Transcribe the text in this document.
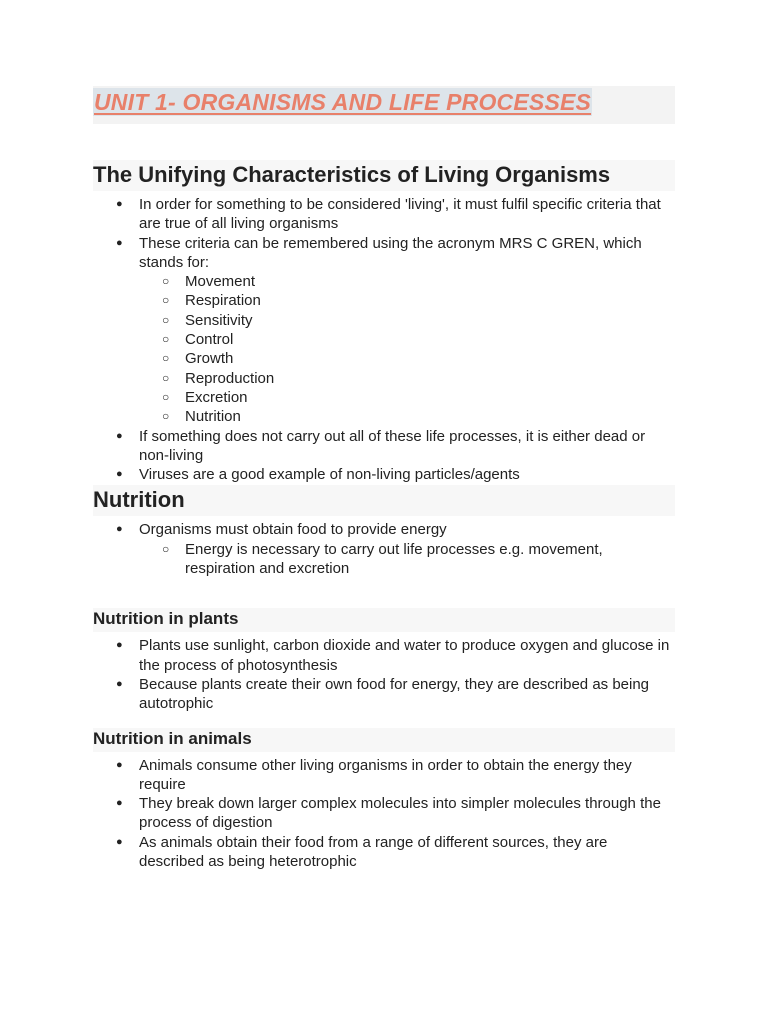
UNIT 1- ORGANISMS AND LIFE PROCESSES
The Unifying Characteristics of Living Organisms
● In order for something to be considered 'living', it must fulfil specific criteria that are true of all living organisms
● These criteria can be remembered using the acronym MRS C GREN, which stands for:
○ Movement
○ Respiration
○ Sensitivity
○ Control
○ Growth
○ Reproduction
○ Excretion
○ Nutrition
● If something does not carry out all of these life processes, it is either dead or non-living
● Viruses are a good example of non-living particles/agents
Nutrition
● Organisms must obtain food to provide energy
○ Energy is necessary to carry out life processes e.g. movement, respiration and excretion
Nutrition in plants
● Plants use sunlight, carbon dioxide and water to produce oxygen and glucose in the process of photosynthesis
● Because plants create their own food for energy, they are described as being autotrophic
Nutrition in animals
● Animals consume other living organisms in order to obtain the energy they require
● They break down larger complex molecules into simpler molecules through the process of digestion
● As animals obtain their food from a range of different sources, they are described as being heterotrophic
